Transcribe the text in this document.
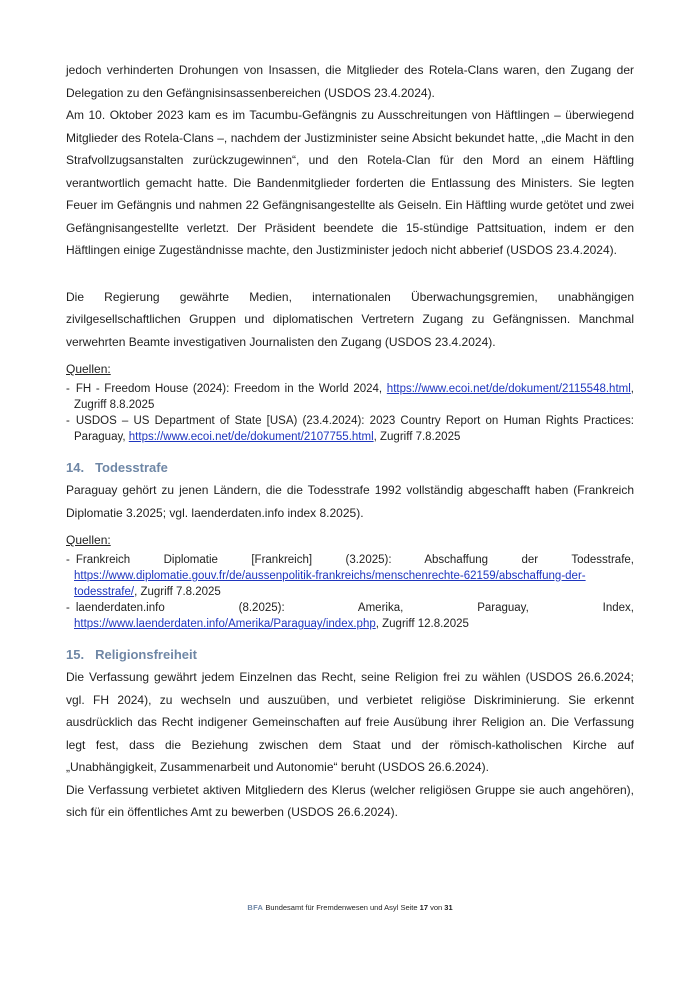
jedoch verhinderten Drohungen von Insassen, die Mitglieder des Rotela-Clans waren, den Zugang der Delegation zu den Gefängnisinsassenbereichen (USDOS 23.4.2024).

Am 10. Oktober 2023 kam es im Tacumbu-Gefängnis zu Ausschreitungen von Häftlingen – überwiegend Mitglieder des Rotela-Clans –, nachdem der Justizminister seine Absicht bekundet hatte, „die Macht in den Strafvollzugsanstalten zurückzugewinnen“, und den Rotela-Clan für den Mord an einem Häftling verantwortlich gemacht hatte. Die Bandenmitglieder forderten die Entlassung des Ministers. Sie legten Feuer im Gefängnis und nahmen 22 Gefängnisangestellte als Geiseln. Ein Häftling wurde getötet und zwei Gefängnisangestellte verletzt. Der Präsident beendete die 15-stündige Pattsituation, indem er den Häftlingen einige Zugeständnisse machte, den Justizminister jedoch nicht abberief (USDOS 23.4.2024).

Die Regierung gewährte Medien, internationalen Überwachungsgremien, unabhängigen zivilgesellschaftlichen Gruppen und diplomatischen Vertretern Zugang zu Gefängnissen. Manchmal verwehrten Beamte investigativen Journalisten den Zugang (USDOS 23.4.2024).

Quellen:

- FH - Freedom House (2024): Freedom in the World 2024, https://www.ecoi.net/de/dokument/2115548.html, Zugriff 8.8.2025

- USDOS – US Department of State [USA) (23.4.2024): 2023 Country Report on Human Rights Practices: Paraguay, https://www.ecoi.net/de/dokument/2107755.html, Zugriff 7.8.2025

14. Todesstrafe

Paraguay gehört zu jenen Ländern, die die Todesstrafe 1992 vollständig abgeschafft haben (Frankreich Diplomatie 3.2025; vgl. laenderdaten.info index 8.2025).

Quellen:

- Frankreich Diplomatie [Frankreich] (3.2025): Abschaffung der Todesstrafe, https://www.diplomatie.gouv.fr/de/aussenpolitik-frankreichs/menschenrechte-62159/abschaffung-der-todesstrafe/, Zugriff 7.8.2025

- laenderdaten.info (8.2025): Amerika, Paraguay, Index, https://www.laenderdaten.info/Amerika/Paraguay/index.php, Zugriff 12.8.2025

15. Religionsfreiheit

Die Verfassung gewährt jedem Einzelnen das Recht, seine Religion frei zu wählen (USDOS 26.6.2024; vgl. FH 2024), zu wechseln und auszuüben, und verbietet religiöse Diskriminierung. Sie erkennt ausdrücklich das Recht indigener Gemeinschaften auf freie Ausübung ihrer Religion an. Die Verfassung legt fest, dass die Beziehung zwischen dem Staat und der römisch-katholischen Kirche auf „Unabhängigkeit, Zusammenarbeit und Autonomie“ beruht (USDOS 26.6.2024).

Die Verfassung verbietet aktiven Mitgliedern des Klerus (welcher religiösen Gruppe sie auch angehören), sich für ein öffentliches Amt zu bewerben (USDOS 26.6.2024).

BFA Bundesamt für Fremdenwesen und Asyl Seite 17 von 31
